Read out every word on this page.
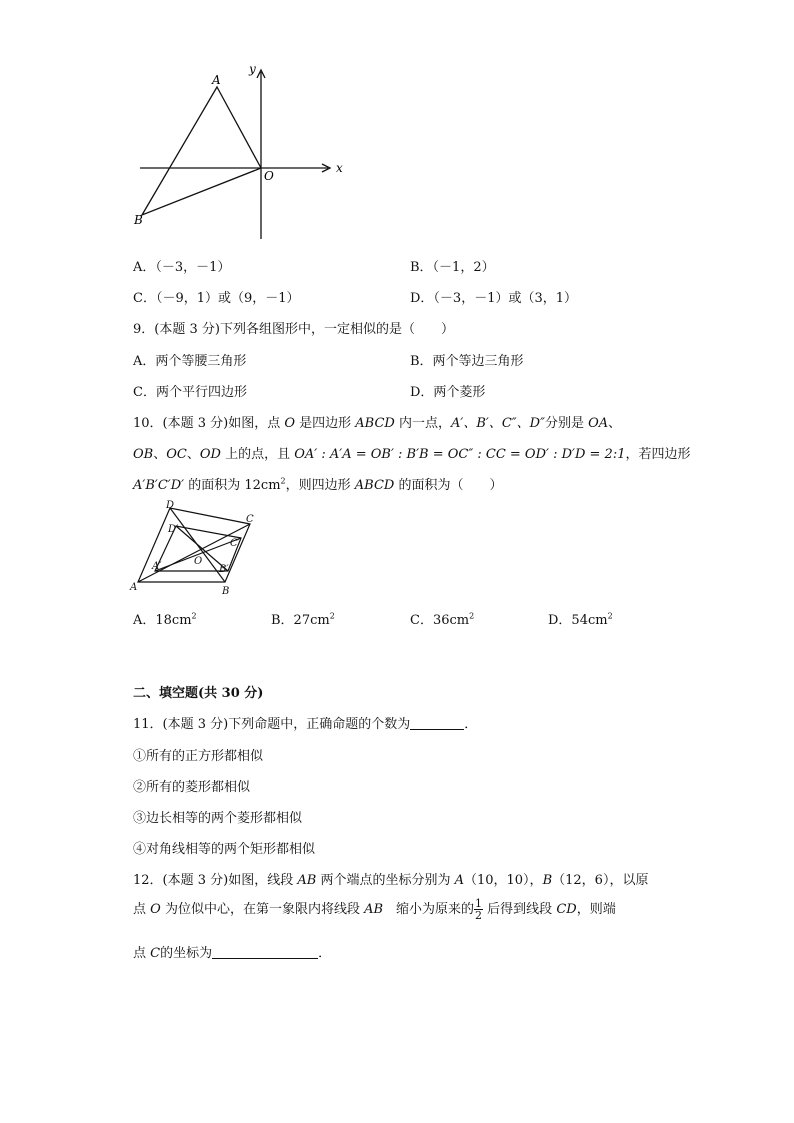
A
B
O
x
y
A．（－3，－1）	B．（－1，2）
C．（－9，1）或（9，－1）	D．（－3，－1）或（3，1）
9．(本题 3 分)下列各组图形中，一定相似的是（　　）
A．两个等腰三角形	B．两个等边三角形
C．两个平行四边形	D．两个菱形
10．(本题 3 分)如图，点 O 是四边形 ABCD 内一点，A′、B′、C″、D″分别是 OA、
OB、OC、OD 上的点，且 OA′ : A′A = OB′ : B′B = OC″ : CC = OD′ : D′D = 2:1，若四边形
A′B′C′D′ 的面积为 $12cm^2$，则四边形 ABCD 的面积为（　　）
A	B
C
D
A′	B′
C′
D′
O
A．$18cm^2$	B．$27cm^2$	C．$36cm^2$	D．$54cm^2$
二、填空题(共 30 分)
11．(本题 3 分)下列命题中，正确命题的个数为	．
①所有的正方形都相似
②所有的菱形都相似
③边长相等的两个菱形都相似
④对角线相等的两个矩形都相似
12．(本题 3 分)如图，线段 AB 两个端点的坐标分别为 A（10，10），B（12，6），以原
点 O 为位似中心，在第一象限内将线段 AB　缩小为原来的 $\frac{1}{2}$ 后得到线段 CD，则端
点 C的坐标为	．
